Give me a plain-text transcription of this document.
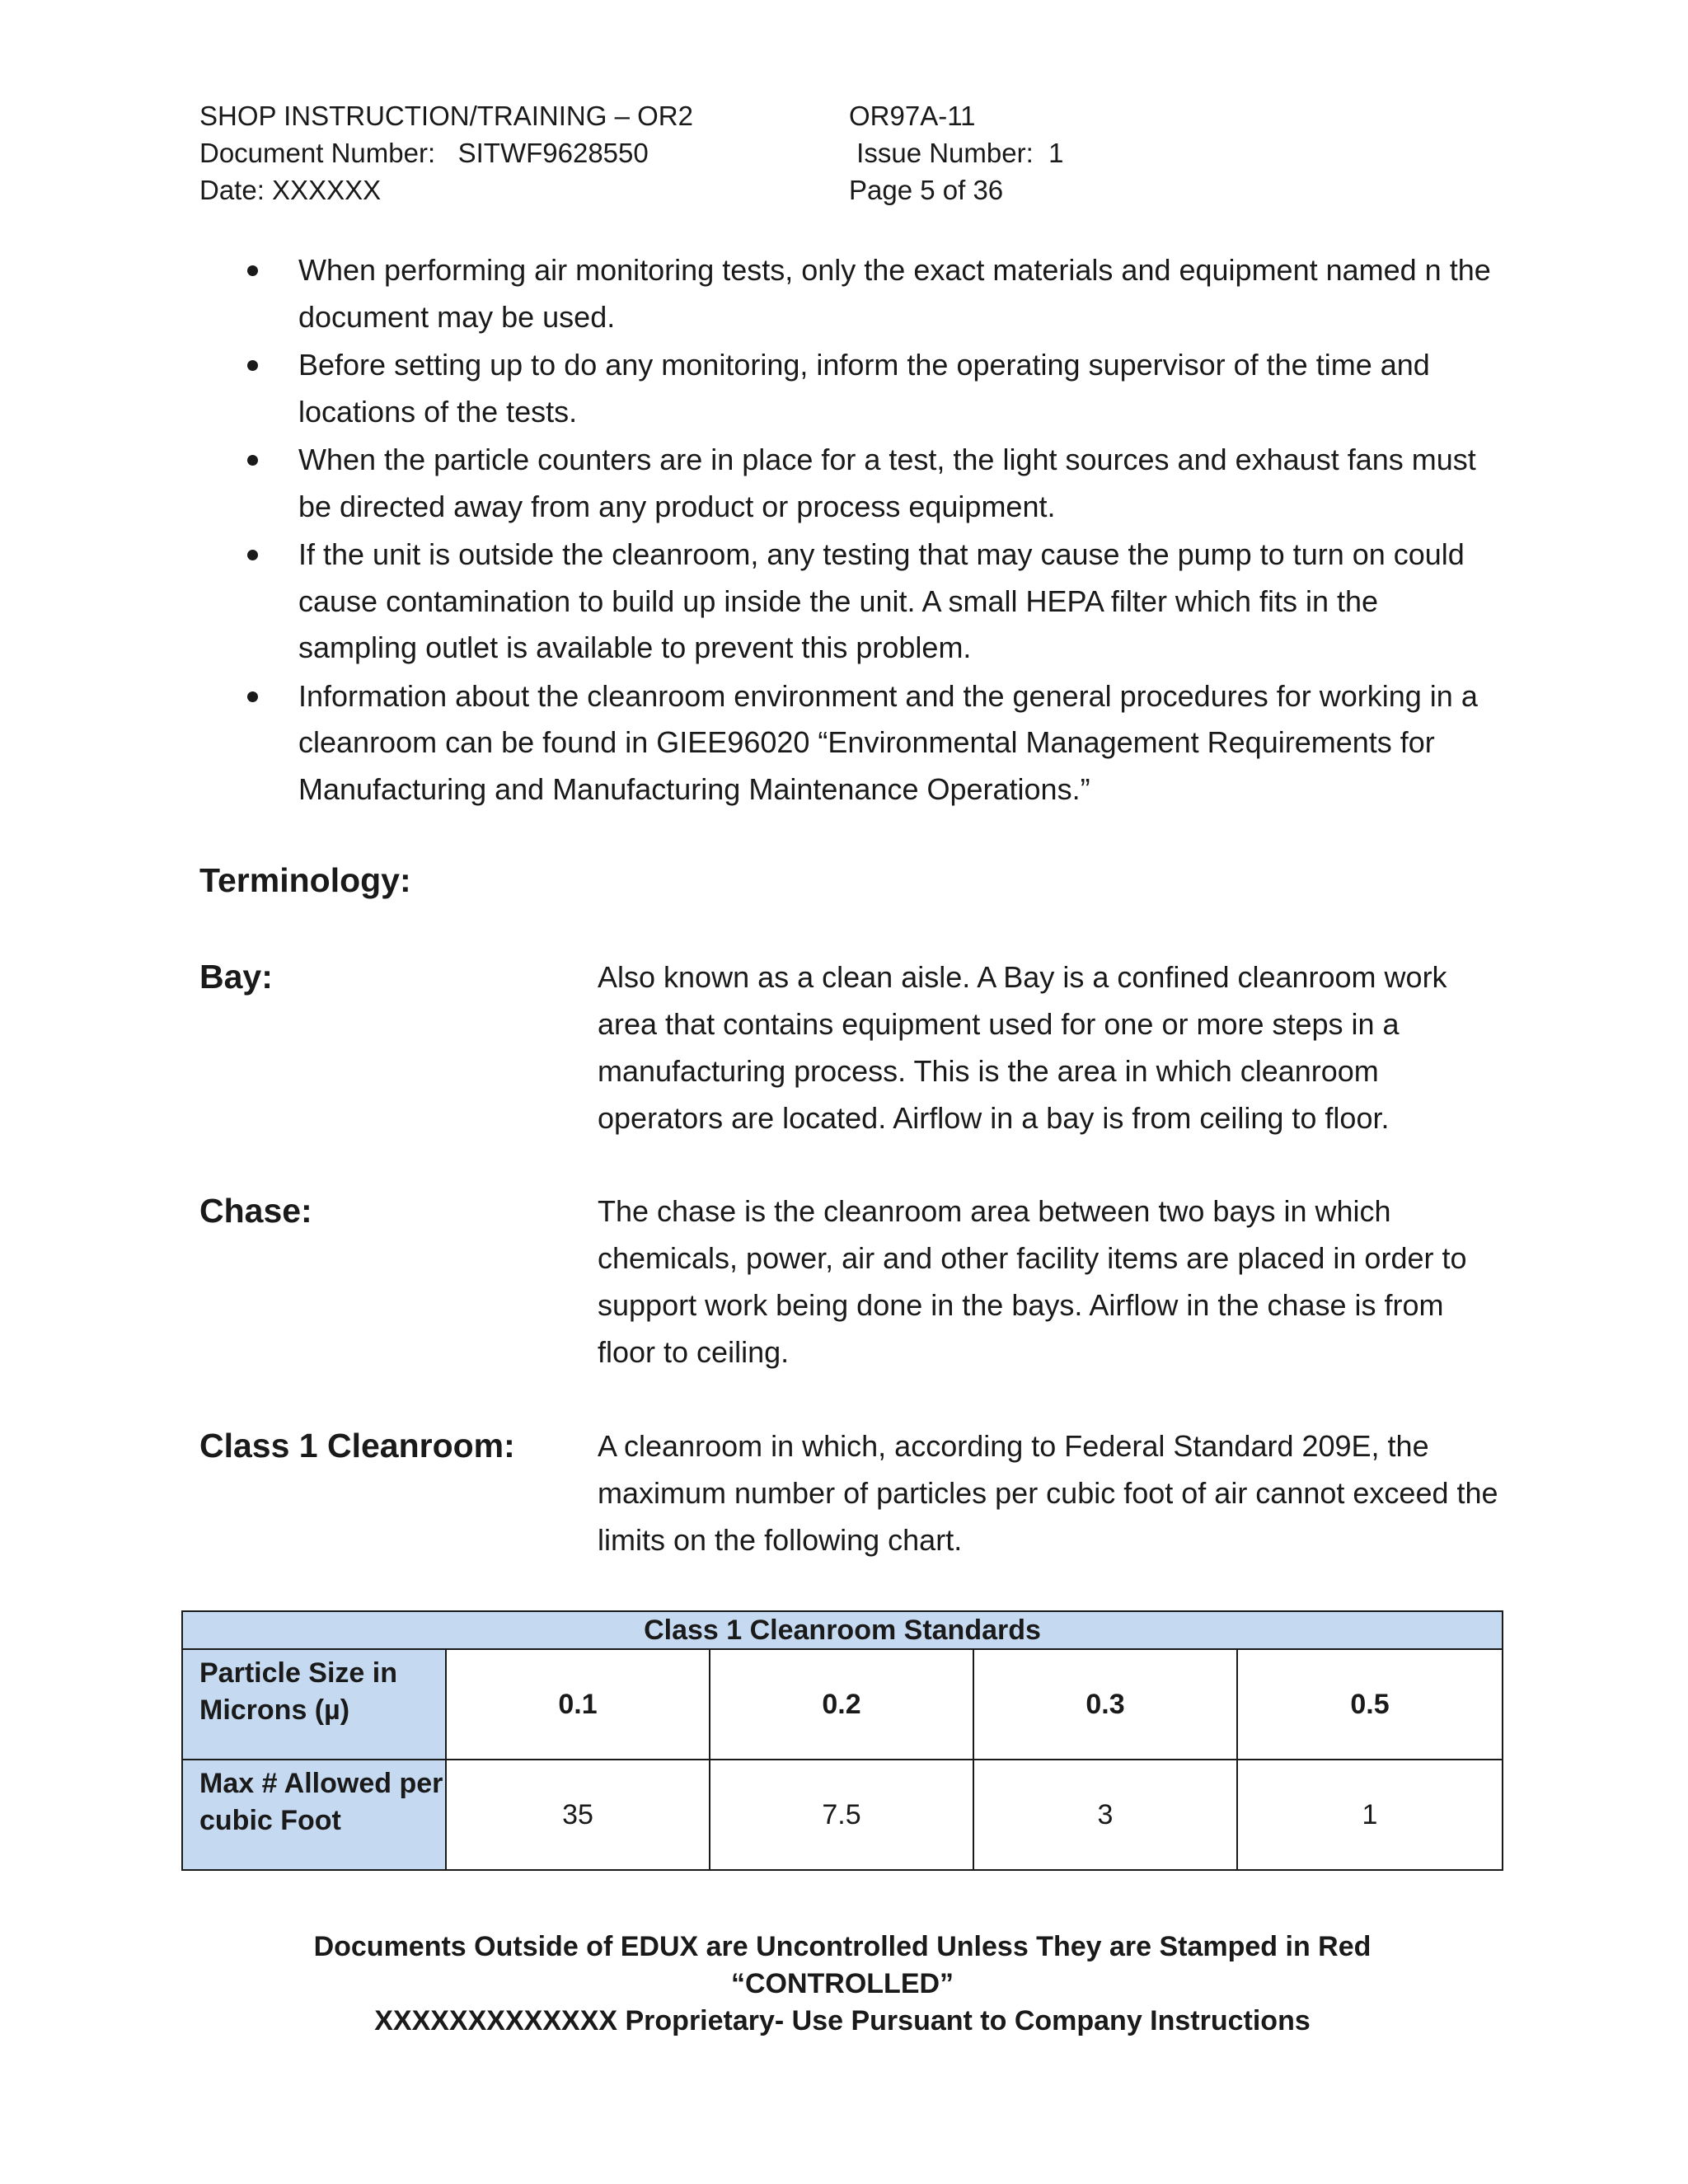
SHOP INSTRUCTION/TRAINING – OR2	OR97A-11
Document Number:   SITWF9628550	Issue Number:  1
Date: XXXXXX	Page 5 of 36
When performing air monitoring tests, only the exact materials and equipment named n the document may be used.
Before setting up to do any monitoring, inform the operating supervisor of the time and locations of the tests.
When the particle counters are in place for a test, the light sources and exhaust fans must be directed away from any product or process equipment.
If the unit is outside the cleanroom, any testing that may cause the pump to turn on could cause contamination to build up inside the unit. A small HEPA filter which fits in the sampling outlet is available to prevent this problem.
Information about the cleanroom environment and the general procedures for working in a cleanroom can be found in GIEE96020 “Environmental Management Requirements for Manufacturing and Manufacturing Maintenance Operations.”
Terminology:
Bay:	Also known as a clean aisle. A Bay is a confined cleanroom work area that contains equipment used for one or more steps in a manufacturing process. This is the area in which cleanroom operators are located. Airflow in a bay is from ceiling to floor.
Chase:	The chase is the cleanroom area between two bays in which chemicals, power, air and other facility items are placed in order to support work being done in the bays. Airflow in the chase is from floor to ceiling.
Class 1 Cleanroom:	A cleanroom in which, according to Federal Standard 209E, the maximum number of particles per cubic foot of air cannot exceed the limits on the following chart.
Class 1 Cleanroom Standards				
Particle Size in Microns (µ)	0.1	0.2	0.3	0.5
Max # Allowed per cubic Foot	35	7.5	3	1
Documents Outside of EDUX are Uncontrolled Unless They are Stamped in Red
“CONTROLLED”
XXXXXXXXXXXXX Proprietary- Use Pursuant to Company Instructions
